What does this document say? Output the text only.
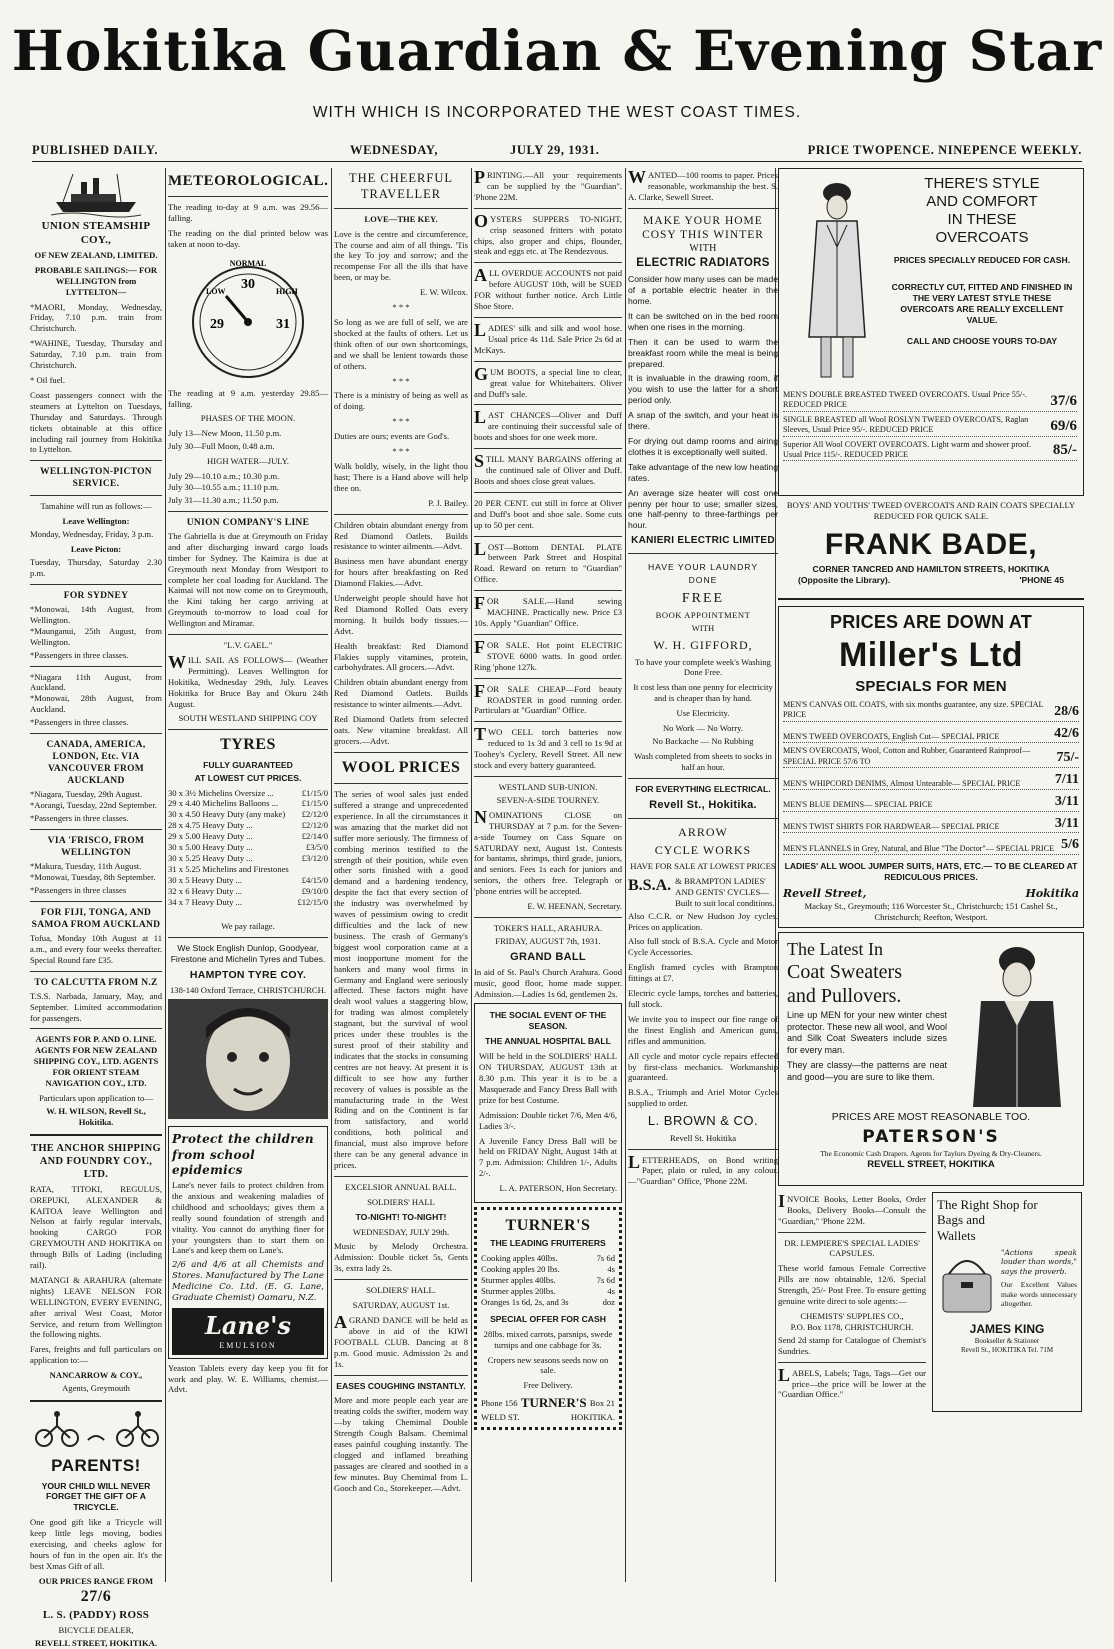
Hokitika Guardian & Evening Star
WITH WHICH IS INCORPORATED THE WEST COAST TIMES.
PUBLISHED DAILY.	WEDNESDAY,	JULY 29, 1931.	PRICE TWOPENCE. NINEPENCE WEEKLY.
UNION STEAMSHIP COY.,

OF NEW ZEALAND, LIMITED.

PROBABLE SAILINGS:— FOR WELLINGTON from LYTTELTON—

*MAORI, Monday, Wednesday, Friday, 7.10 p.m. train from Christchurch.

*WAHINE, Tuesday, Thursday and Saturday, 7.10 p.m. train from Christchurch.

* Oil fuel.

Coast passengers connect with the steamers at Lyttelton on Tuesdays, Thursday and Saturdays. Through tickets obtainable at this office including rail journey from Hokitika to Lyttelton.

WELLINGTON-PICTON SERVICE.

Tamahine will run as follows:—

Leave Wellington:

Monday, Wednesday, Friday, 3 p.m.

Leave Picton:

Tuesday, Thursday, Saturday 2.30 p.m.

FOR SYDNEY

*Monowai, 14th August, from Wellington.

*Maunganui, 25th August, from Wellington.

*Passengers in three classes.

*Niagara 11th August, from Auckland.

*Monowai, 28th August, from Auckland.

*Passengers in three classes.

CANADA, AMERICA, LONDON, Etc. VIA VANCOUVER FROM AUCKLAND

*Niagara, Tuesday, 29th August.

*Aorangi, Tuesday, 22nd September.

*Passengers in three classes.

VIA 'FRISCO, FROM WELLINGTON

*Makura, Tuesday, 11th August.

*Monowai, Tuesday, 8th September.

*Passengers in three classes

FOR FIJI, TONGA, AND SAMOA FROM AUCKLAND

Tofua, Monday 10th August at 11 a.m., and every four weeks thereafter. Special Round fare £35.

TO CALCUTTA FROM N.Z

T.S.S. Narbada, January, May, and September. Limited accommodation for passengers.

AGENTS FOR P. AND O. LINE. AGENTS FOR NEW ZEALAND SHIPPING COY., LTD. AGENTS FOR ORIENT STEAM NAVIGATION COY., LTD.

Particulars upon application to—

W. H. WILSON, Revell St., Hokitika.

THE ANCHOR SHIPPING AND FOUNDRY COY., LTD.

RATA, TITOKI, REGULUS, OREPUKI, ALEXANDER & KAITOA leave Wellington and Nelson at fairly regular intervals, booking CARGO FOR GREYMOUTH AND HOKITIKA on through Bills of Lading (including rail).

MATANGI & ARAHURA (alternate nights) LEAVE NELSON FOR WELLINGTON, EVERY EVENING, after arrival West Coast, Motor Service, and return from Wellington the following nights.

Fares, freights and full particulars on application to:—

NANCARROW & COY.,

Agents, Greymouth

PARENTS!

YOUR CHILD WILL NEVER FORGET THE GIFT OF A TRICYCLE.

One good gift like a Tricycle will keep little legs moving, bodies exercising, and cheeks aglow for hours of fun in the open air. It's the best Xmas Gift of all.

OUR PRICES RANGE FROM

27/6
L. S. (PADDY) ROSS

BICYCLE DEALER,

REVELL STREET, HOKITIKA.

METEOROLOGICAL.

The reading to-day at 9 a.m. was 29.56—falling.

The reading on the dial printed below was taken at noon to-day.

NORMAL
30
29	31
LOW	HIGH

The reading at 9 a.m. yesterday 29.85—falling.

PHASES OF THE MOON.

July 13—New Moon, 11.50 p.m.

July 30—Full Moon, 0.48 a.m.

HIGH WATER—JULY.

July 29—10.10 a.m.; 10.30 p.m.

July 30—10.55 a.m.; 11.10 p.m.

July 31—11.30 a.m.; 11.50 p.m.

UNION COMPANY'S LINE

The Gabriella is due at Greymouth on Friday and after discharging inward cargo loads timber for Sydney. The Kaimira is due at Greymouth next Monday from Westport to complete her coal loading for Auckland. The Kaimai will not now come on to Greymouth, the Kini taking her cargo arriving at Greymouth to-morrow to load coal for Wellington and Miramar.

"L.V. GAEL."

WILL SAIL AS FOLLOWS— (Weather Permitting). Leaves Wellington for Hokitika, Wednesday 29th, July. Leaves Hokitika for Bruce Bay and Okuru 24th August.

SOUTH WESTLAND SHIPPING COY

TYRES

FULLY GUARANTEED

AT LOWEST CUT PRICES.

30 x 3½ Michelins Oversize ...	£1/15/0
29 x 4.40 Michelins Balloons ...	£1/15/0
30 x 4.50 Heavy Duty (any make) £2/12/0
28 x 4.75 Heavy Duty ...	£2/12/0
29 x 5.00 Heavy Duty ...	£2/14/0
30 x 5.00 Heavy Duty ...	£3/5/0
30 x 5.25 Heavy Duty ...	£3/12/0
31 x 5.25 Michelins and Firestones
30 x 5 Heavy Duty ...	£4/15/0
32 x 6 Heavy Duty ...	£9/10/0
34 x 7 Heavy Duty ...	£12/15/0

We pay railage.

We Stock English Dunlop, Goodyear, Firestone and Michelin Tyres and Tubes.

HAMPTON TYRE COY.

138-140 Oxford Terrace, CHRISTCHURCH.

Protect the children from school epidemics

Lane's never fails to protect children from the anxious and weakening maladies of childhood and schooldays; gives them a really sound foundation of strength and vitality. You cannot do anything finer for your youngsters than to start them on Lane's and keep them on Lane's.

2/6 and 4/6 at all Chemists and Stores. Manufactured by The Lane Medicine Co. Ltd. (E. G. Lane, Graduate Chemist) Oamaru, N.Z.

Lane's
EMULSION

Yeaston Tablets every day keep you fit for work and play. W. E. Williams, chemist.—Advt.

THE CHEERFUL TRAVELLER

LOVE—THE KEY.

Love is the centre and circumference, The course and aim of all things. 'Tis the key To joy and sorrow; and the recompense For all the ills that have been, or may be.

E. W. Wilcox.

* * *

So long as we are full of self, we are shocked at the faults of others. Let us think often of our own shortcomings, and we shall be lenient towards those of others.

* * *

There is a ministry of being as well as of doing.

* * *

Duties are ours; events are God's.

* * *

Walk boldly, wisely, in the light thou hast; There is a Hand above will help thee on.

P. J. Bailey.

Children obtain abundant energy from Red Diamond Oatlets. Builds resistance to winter ailments.—Advt.

Business men have abundant energy for hours after breakfasting on Red Diamond Flakies.—Advt.

Underweight people should have hot Red Diamond Rolled Oats every morning. It builds body tissues.—Advt.

Health breakfast: Red Diamond Flakies supply vitamines, protein, carbohydrates. All grocers.—Advt.

Children obtain abundant energy from Red Diamond Oatlets. Builds resistance to winter ailments.—Advt.

Red Diamond Oatlets from selected oats. New vitamine breakfast. All grocers.—Advt.

WOOL PRICES

The series of wool sales just ended suffered a strange and unprecedented experience. In all the circumstances it was amazing that the market did not suffer more seriously. The firmness of combing merinos testified to the strength of their position, while even other sorts finished with a good demand and a hardening tendency, despite the fact that every section of the industry was overwhelmed by waves of pessimism owing to credit difficulties and the lack of new business. The crash of Germany's biggest wool corporation came at a most inopportune moment for the bankers and many wool firms in Germany and England were seriously affected. These factors might have dealt wool values a staggering blow, for trading was almost completely stagnant, but the survival of wool prices under these troubles is the surest proof of their stability and indicates that the stocks in consuming centres are not heavy. At present it is difficult to see how any further recovery of values is possible as the manufacturing trade in the West Riding and on the Continent is far from satisfactory, and world conditions, both political and financial, must also improve before there can be any general advance in prices.

EXCELSIOR ANNUAL BALL.

SOLDIERS' HALL

TO-NIGHT! TO-NIGHT!

WEDNESDAY, JULY 29th.

Music by Melody Orchestra. Admission: Double ticket 5s, Gents 3s, extra lady 2s.

SOLDIERS' HALL.

SATURDAY, AUGUST 1st.

AGRAND DANCE will be held as above in aid of the KIWI FOOTBALL CLUB. Dancing at 8 p.m. Good music. Admission 2s and 1s.

EASES COUGHING INSTANTLY.

More and more people each year are treating colds the swifter, modern way —by taking Chemimal Double Strength Cough Balsam. Chemimal eases painful coughing instantly. The clogged and inflamed breathing passages are cleared and soothed in a few minutes. Buy Chemimal from L. Gooch and Co., Storekeeper.—Advt.

PRINTING.—All your requirements can be supplied by the "Guardian". 'Phone 22M.

OYSTERS SUPPERS TO-NIGHT, crisp seasoned fritters with potato chips, also groper and chips, flounder, steak and eggs etc. at The Rendezvous.

ALL OVERDUE ACCOUNTS not paid before AUGUST 10th, will be SUED FOR without further notice. Arch Little Shoe Store.

LADIES' silk and silk and wool hose. Usual price 4s 11d. Sale Price 2s 6d at McKays.

GUM BOOTS, a special line to clear, great value for Whitebaiters. Oliver and Duff's sale.

LAST CHANCES—Oliver and Duff are continuing their successful sale of boots and shoes for one week more.

STILL MANY BARGAINS offering at the continued sale of Oliver and Duff. Boots and shoes close great values.

20 PER CENT. cut still in force at Oliver and Duff's boot and shoe sale. Some cuts up to 50 per cent.

LOST—Bottom DENTAL PLATE between Park Street and Hospital Road. Reward on return to "Guardian" Office.

FOR SALE.—Hand sewing MACHINE. Practically new. Price £3 10s. Apply "Guardian" Office.

FOR SALE. Hot point ELECTRIC STOVE 6000 watts. In good order. Ring 'phone 127k.

FOR SALE CHEAP—Ford beauty ROADSTER in good running order. Particulars at "Guardian" Office.

TWO CELL torch batteries now reduced to 1s 3d and 3 cell to 1s 9d at Toohey's Cyclery, Revell Street. All new stock and every battery guaranteed.

WESTLAND SUB-UNION.

SEVEN-A-SIDE TOURNEY.

NOMINATIONS CLOSE on THURSDAY at 7 p.m. for the Seven-a-side Tourney on Cass Square on SATURDAY next, August 1st. Contests for bantams, shrimps, third grade, juniors, and seniors. Fees 1s each for juniors and seniors, the others free. Telegraph or 'phone entries will be accepted.

E. W. HEENAN, Secretary.

TOKER'S HALL, ARAHURA.

FRIDAY, AUGUST 7th, 1931.

GRAND BALL

In aid of St. Paul's Church Arahura. Good music, good floor, home made supper. Admission.—Ladies 1s 6d, gentlemen 2s.

THE SOCIAL EVENT OF THE SEASON.

THE ANNUAL HOSPITAL BALL

Will be held in the SOLDIERS' HALL ON THURSDAY, AUGUST 13th at 8.30 p.m. This year it is to be a Masquerade and Fancy Dress Ball with prize for best Costume.

Admission: Double ticket 7/6, Men 4/6, Ladies 3/-.

A Juvenile Fancy Dress Ball will be held on FRIDAY Night, August 14th at 7 p.m. Admission: Children 1/-, Adults 2/-.

L. A. PATERSON, Hon Secretary.

TURNER'S

THE LEADING FRUITERERS

Cooking apples 40lbs.	7s 6d
Cooking apples 20 lbs.	4s
Sturmer apples 40lbs.	7s 6d
Sturmer apples 20lbs.	4s
Oranges 1s 6d, 2s, and 3s	doz

SPECIAL OFFER FOR CASH

28lbs. mixed carrots, parsnips, swede turnips and one cabbage for 3s.

Cropers new seasons seeds now on sale.

Free Delivery.

Phone 156 TURNER'S Box 21
WELD ST.	HOKITIKA.

WANTED—100 rooms to paper. Prices reasonable, workmanship the best. S. A. Clarke, Sewell Street.

MAKE YOUR HOME
COSY THIS WINTER
WITH
ELECTRIC RADIATORS

Consider how many uses can be made of a portable electric heater in the home.

It can be switched on in the bed room when one rises in the morning.

Then it can be used to warm the breakfast room while the meal is being prepared.

It is invaluable in the drawing room, if you wish to use the latter for a short period only.

A snap of the switch, and your heat is there.

For drying out damp rooms and airing clothes it is exceptionally well suited.

Take advantage of the new low heating rates.

An average size heater will cost one penny per hour to use; smaller sizes, one half-penny to three-farthings per hour.

KANIERI ELECTRIC LIMITED

HAVE YOUR LAUNDRY

DONE

FREE

BOOK APPOINTMENT

WITH

W. H. GIFFORD,

To have your complete week's Washing Done Free.

It cost less than one penny for electricity and is cheaper than by hand.

Use Electricity.

No Work — No Worry.

No Backache — No Rubbing

Wash completed from sheets to socks in half an hour.

FOR EVERYTHING ELECTRICAL.

Revell St., Hokitika.
ARROW
CYCLE WORKS

HAVE FOR SALE AT LOWEST PRICES

B.S.A. & BRAMPTON LADIES' AND GENTS' CYCLES—Built to suit local conditions.

Also C.C.R. or New Hudson Joy cycles. Prices on application.

Also full stock of B.S.A. Cycle and Motor Cycle Accessories.

English framed cycles with Brampton fittings at £7.

Electric cycle lamps, torches and batteries, full stock.

We invite you to inspect our fine range of the finest English and American guns, rifles and ammunition.

All cycle and motor cycle repairs effected by first-class mechanics. Workmanship guaranteed.

B.S.A., Triumph and Ariel Motor Cycles supplied to order.

L. BROWN & CO.

Revell St. Hokitika

LETTERHEADS, on Bond writing Paper, plain or ruled, in any colour.—"Guardian" Office, 'Phone 22M.

THERE'S STYLE

AND COMFORT

IN THESE

OVERCOATS

PRICES SPECIALLY REDUCED FOR CASH.

CORRECTLY CUT, FITTED AND FINISHED IN THE VERY LATEST STYLE THESE OVERCOATS ARE REALLY EXCELLENT VALUE.

CALL AND CHOOSE YOURS TO-DAY

MEN'S DOUBLE BREASTED TWEED OVERCOATS. Usual Price 55/-. REDUCED PRICE	37/6
SINGLE BREASTED all Wool ROSLYN TWEED OVERCOATS, Raglan Sleeves, Usual Price 95/-. REDUCED PRICE	69/6
Superior All Wool COVERT OVERCOATS. Light warm and shower proof. Usual Price 115/-. REDUCED PRICE	85/-

BOYS' AND YOUTHS' TWEED OVERCOATS AND RAIN COATS SPECIALLY REDUCED FOR QUICK SALE.

FRANK BADE,

CORNER TANCRED AND HAMILTON STREETS, HOKITIKA

(Opposite the Library).	'PHONE 45
PRICES ARE DOWN AT
Miller's Ltd
SPECIALS FOR MEN
MEN'S CANVAS OIL COATS, with six months guarantee, any size. SPECIAL PRICE	28/6
MEN'S TWEED OVERCOATS, English Cut— SPECIAL PRICE	42/6
MEN'S OVERCOATS, Wool, Cotton and Rubber, Guaranteed Rainproof— SPECIAL PRICE 57/6 TO	75/-
MEN'S WHIPCORD DENIMS, Almost Untearable— SPECIAL PRICE 7/11
MEN'S BLUE DEMINS— SPECIAL PRICE	3/11
MEN'S TWIST SHIRTS FOR HARDWEAR— SPECIAL PRICE	3/11
MEN'S FLANNELS in Grey, Natural, and Blue "The Doctor"— SPECIAL PRICE 5/6

LADIES' ALL WOOL JUMPER SUITS, HATS, ETC.— TO BE CLEARED AT REDICULOUS PRICES.

Revell Street,	Hokitika

Mackay St., Greymouth; 116 Worcester St., Christchurch; 151 Cashel St., Christchurch; Reefton, Westport.

The Latest In
Coat Sweaters
and Pullovers.

Line up MEN for your new winter chest protector. These new all wool, and Wool and Silk Coat Sweaters include sizes for every man.

They are classy—the patterns are neat and good—you are sure to like them.

PRICES ARE MOST REASONABLE TOO.
PATERSON'S
The Economic Cash Drapers. Agents for Taylors Dyeing & Dry-Cleaners.
REVELL STREET, HOKITIKA

INVOICE Books, Letter Books, Order Books, Delivery Books—Consult the "Guardian," 'Phone 22M.

DR. LEMPIERE'S SPECIAL LADIES' CAPSULES.

These world famous Female Corrective Pills are now obtainable, 12/6. Special Strength, 25/- Post Free. To ensure getting genuine write direct to sole agents:—

CHEMISTS' SUPPLIES CO.,

P.O. Box 1178, CHRISTCHURCH.

Send 2d stamp for Catalogue of Chemist's Sundries.

LABELS, Labels; Tags, Tags—Get our price—the price will be lower at the "Guardian Office."

The Right Shop for
Bags and
Wallets

"Actions speak louder than words," says the proverb.

Our Excellent Values make words unnecessary altogether.

JAMES KING
Bookseller & Stationer
Revell St., HOKITIKA Tel. 71M
